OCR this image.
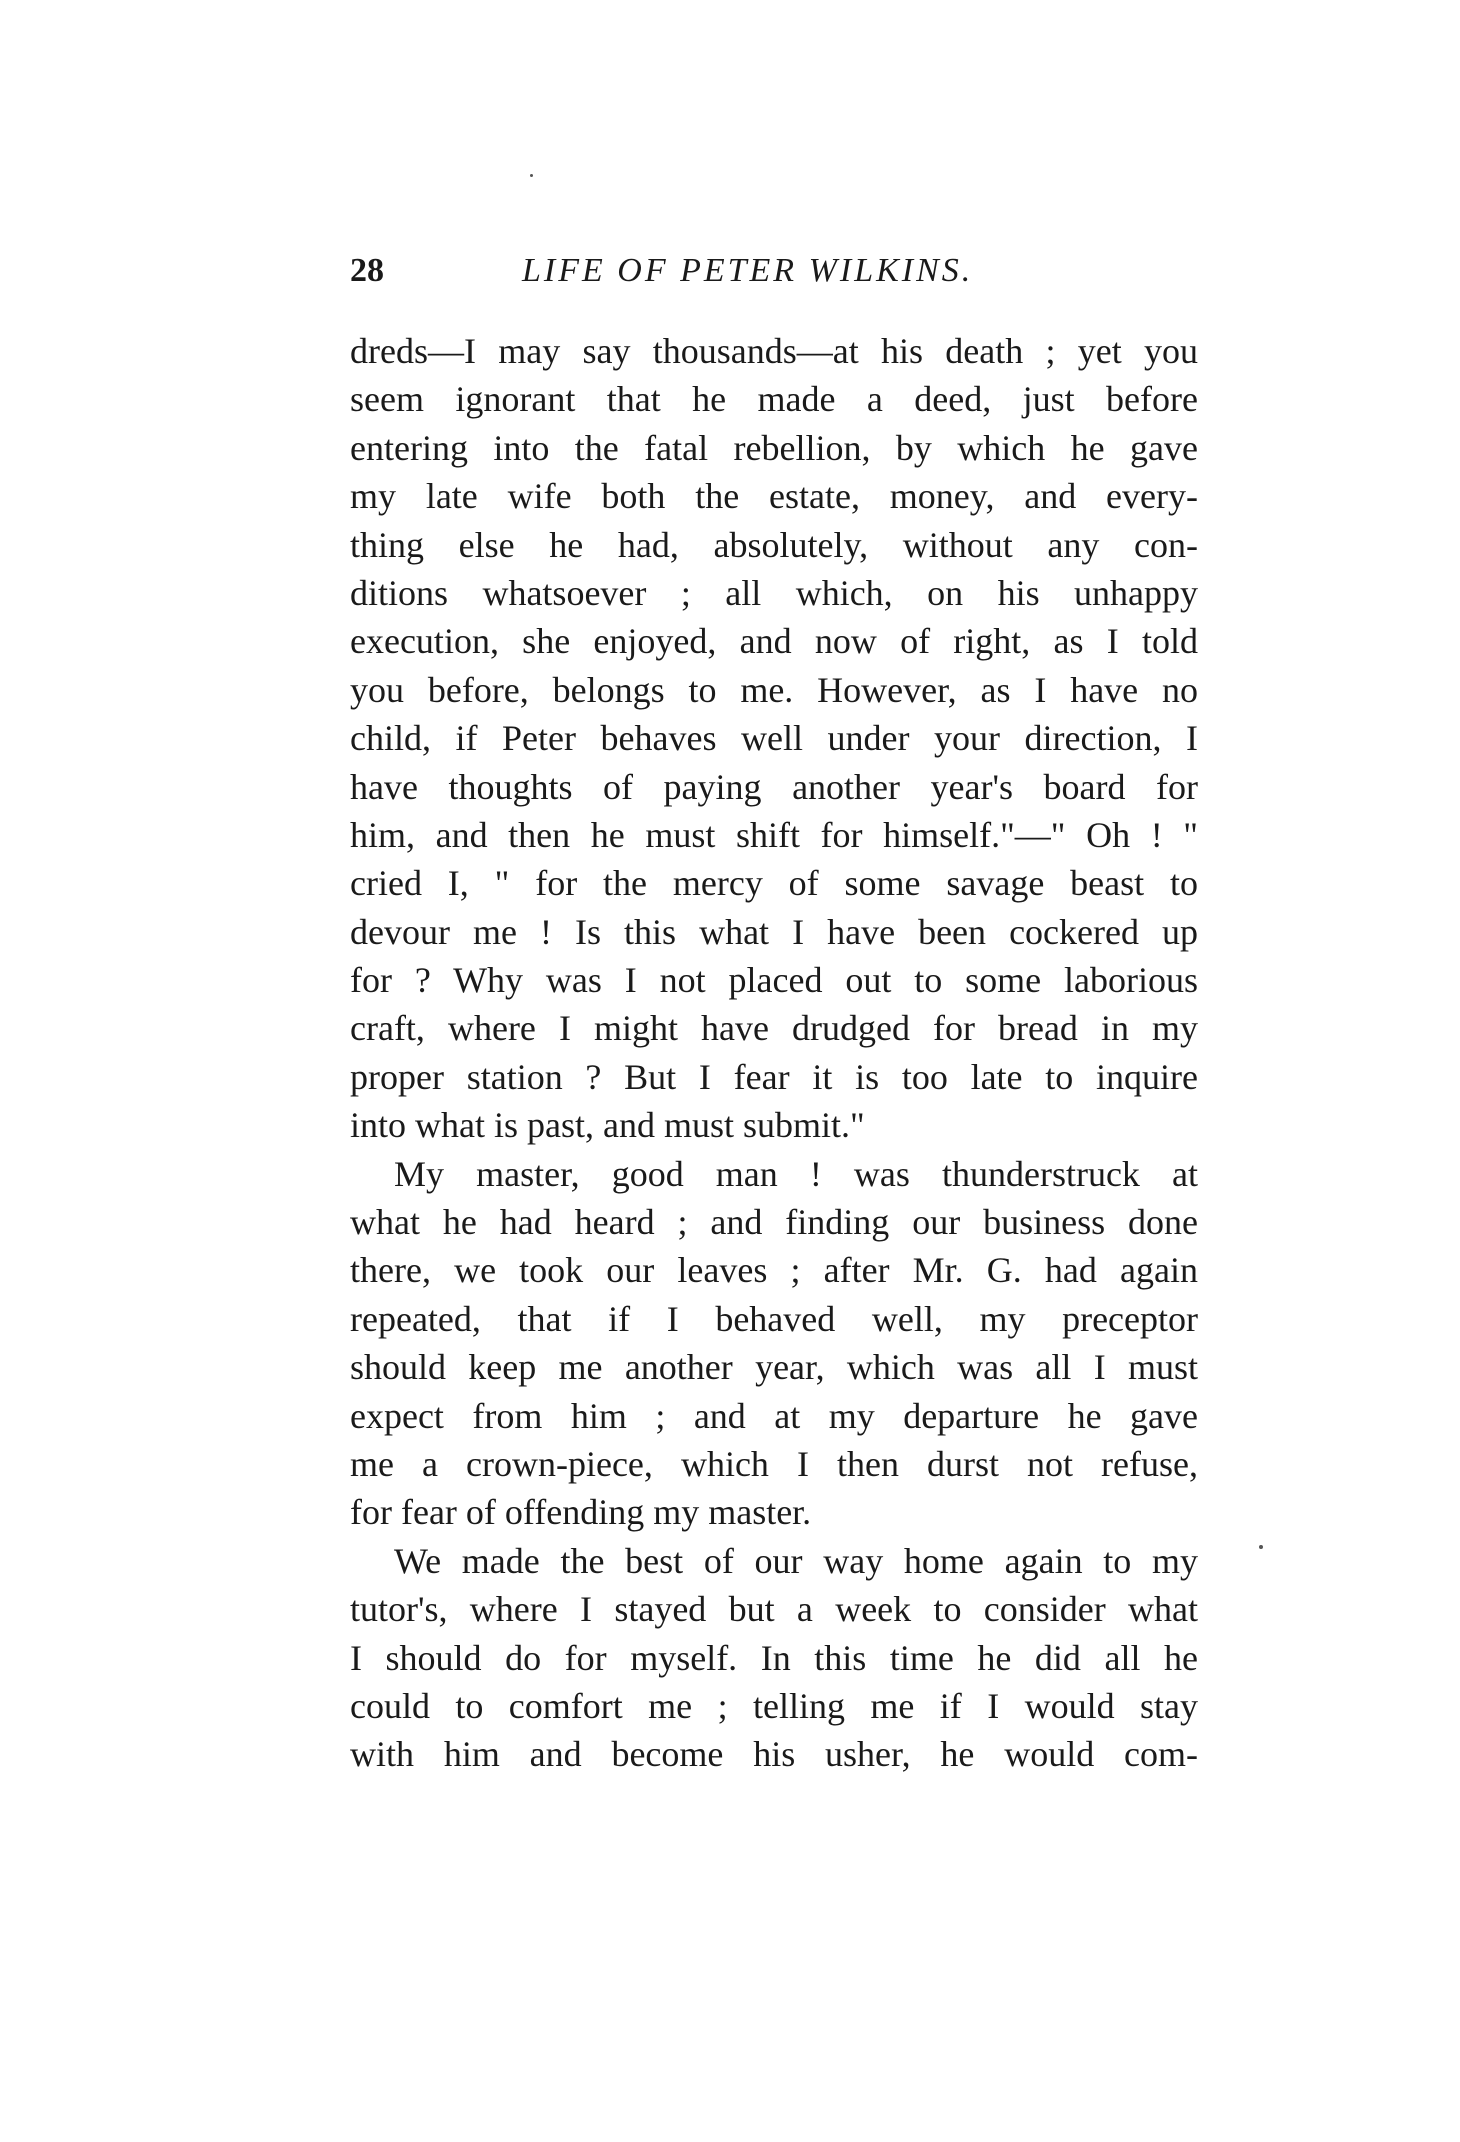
28	LIFE OF PETER WILKINS.
dreds—I may say thousands—at his death ; yet you
seem ignorant that he made a deed, just before
entering into the fatal rebellion, by which he gave
my late wife both the estate, money, and every-
thing else he had, absolutely, without any con-
ditions whatsoever ; all which, on his unhappy
execution, she enjoyed, and now of right, as I told
you before, belongs to me. However, as I have no
child, if Peter behaves well under your direction, I
have thoughts of paying another year's board for
him, and then he must shift for himself."—" Oh ! "
cried I, " for the mercy of some savage beast to
devour me ! Is this what I have been cockered up
for ? Why was I not placed out to some laborious
craft, where I might have drudged for bread in my
proper station ? But I fear it is too late to inquire
into what is past, and must submit."
My master, good man ! was thunderstruck at
what he had heard ; and finding our business done
there, we took our leaves ; after Mr. G. had again
repeated, that if I behaved well, my preceptor
should keep me another year, which was all I must
expect from him ; and at my departure he gave
me a crown-piece, which I then durst not refuse,
for fear of offending my master.
We made the best of our way home again to my
tutor's, where I stayed but a week to consider what
I should do for myself. In this time he did all he
could to comfort me ; telling me if I would stay
with him and become his usher, he would com-
